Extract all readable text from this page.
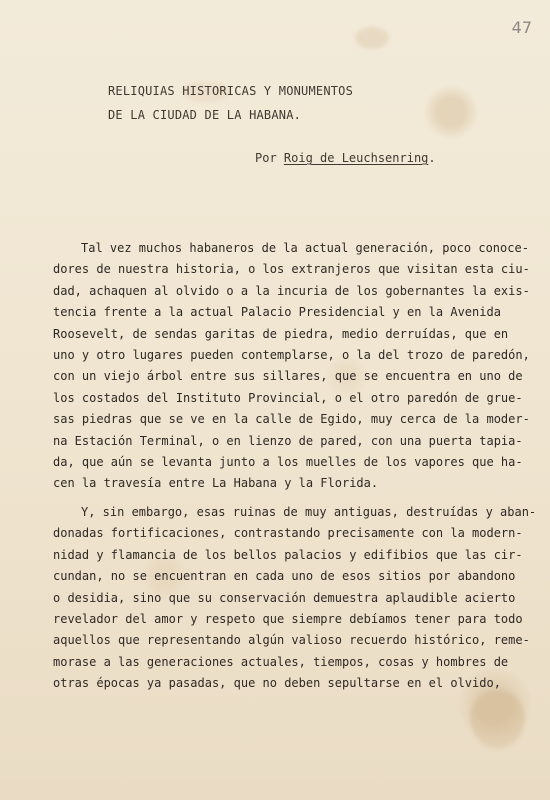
47
RELIQUIAS HISTORICAS Y MONUMENTOS
DE LA CIUDAD DE LA HABANA.
Por Roig de Leuchsenring.

Tal vez muchos habaneros de la actual generación, poco conoce-
dores de nuestra historia, o los extranjeros que visitan esta ciu-
dad, achaquen al olvido o a la incuria de los gobernantes la exis-
tencia frente a la actual Palacio Presidencial y en la Avenida
Roosevelt, de sendas garitas de piedra, medio derruídas, que en
uno y otro lugares pueden contemplarse, o la del trozo de paredón,
con un viejo árbol entre sus sillares, que se encuentra en uno de
los costados del Instituto Provincial, o el otro paredón de grue-
sas piedras que se ve en la calle de Egido, muy cerca de la moder-
na Estación Terminal, o en lienzo de pared, con una puerta tapia-
da, que aún se levanta junto a los muelles de los vapores que ha-
cen la travesía entre La Habana y la Florida.

Y, sin embargo, esas ruinas de muy antiguas, destruídas y aban-
donadas fortificaciones, contrastando precisamente con la modern-
nidad y flamancia de los bellos palacios y edifibios que las cir-
cundan, no se encuentran en cada uno de esos sitios por abandono
o desidia, sino que su conservación demuestra aplaudible acierto
revelador del amor y respeto que siempre debíamos tener para todo
aquellos que representando algún valioso recuerdo histórico, reme-
morase a las generaciones actuales, tiempos, cosas y hombres de
otras épocas ya pasadas, que no deben sepultarse en el olvido,
